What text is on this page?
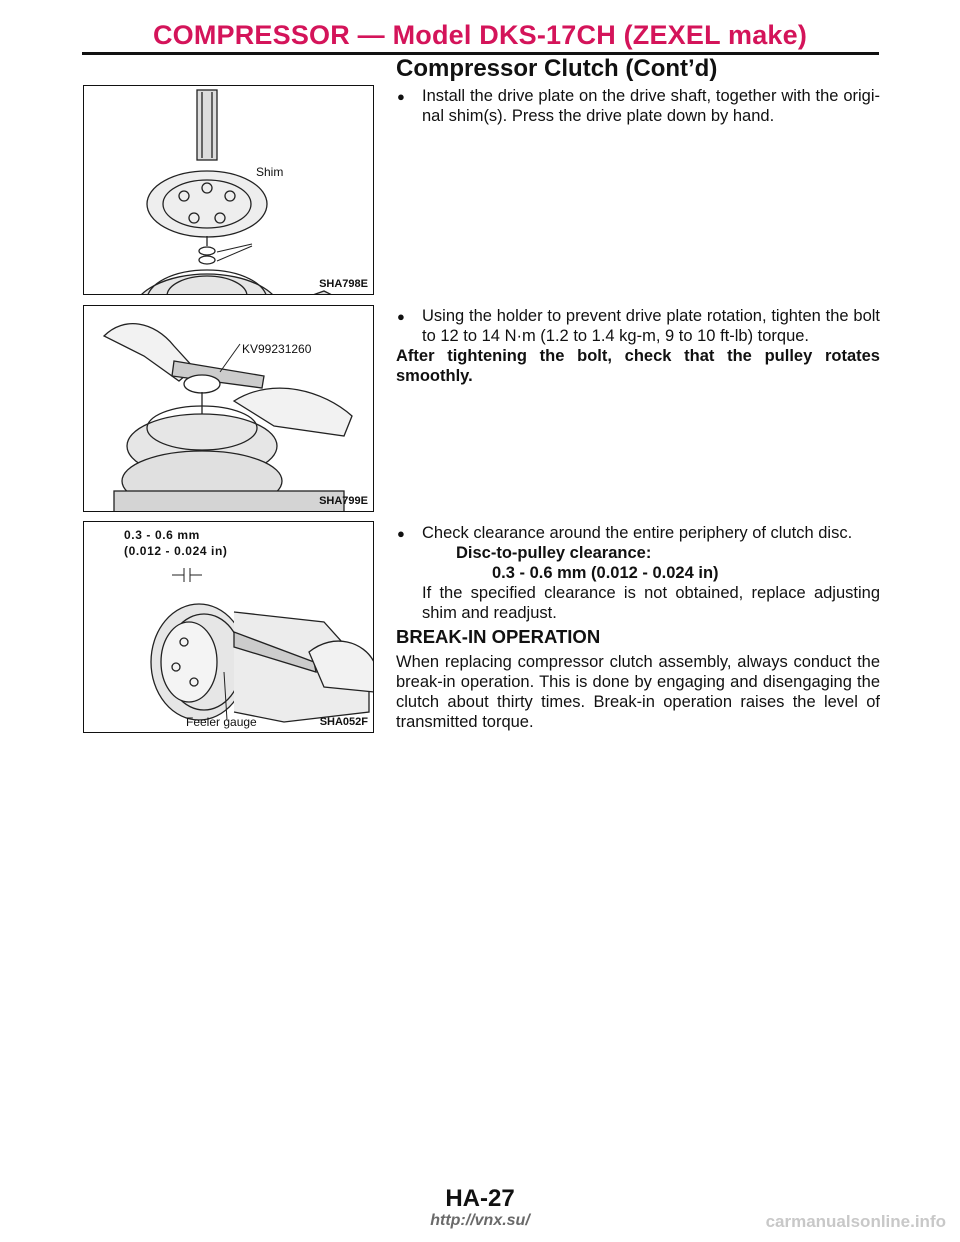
COMPRESSOR — Model DKS-17CH (ZEXEL make)
Compressor Clutch (Cont’d)
Shim
SHA798E
KV99231260
SHA799E
0.3 - 0.6 mm
(0.012 - 0.024 in)
Feeler gauge	SHA052F
● Install the drive plate on the drive shaft, together with the origi-nal shim(s). Press the drive plate down by hand.
● Using the holder to prevent drive plate rotation, tighten the bolt to 12 to 14 N·m (1.2 to 1.4 kg-m, 9 to 10 ft-lb) torque.
After tightening the bolt, check that the pulley rotates smoothly.
● Check clearance around the entire periphery of clutch disc.
Disc-to-pulley clearance:
0.3 - 0.6 mm (0.012 - 0.024 in)
If the specified clearance is not obtained, replace adjusting shim and readjust.
BREAK-IN OPERATION
When replacing compressor clutch assembly, always conduct the break-in operation. This is done by engaging and disengaging the clutch about thirty times. Break-in operation raises the level of transmitted torque.
HA-27
http://vnx.su/	carmanualsonline.info
